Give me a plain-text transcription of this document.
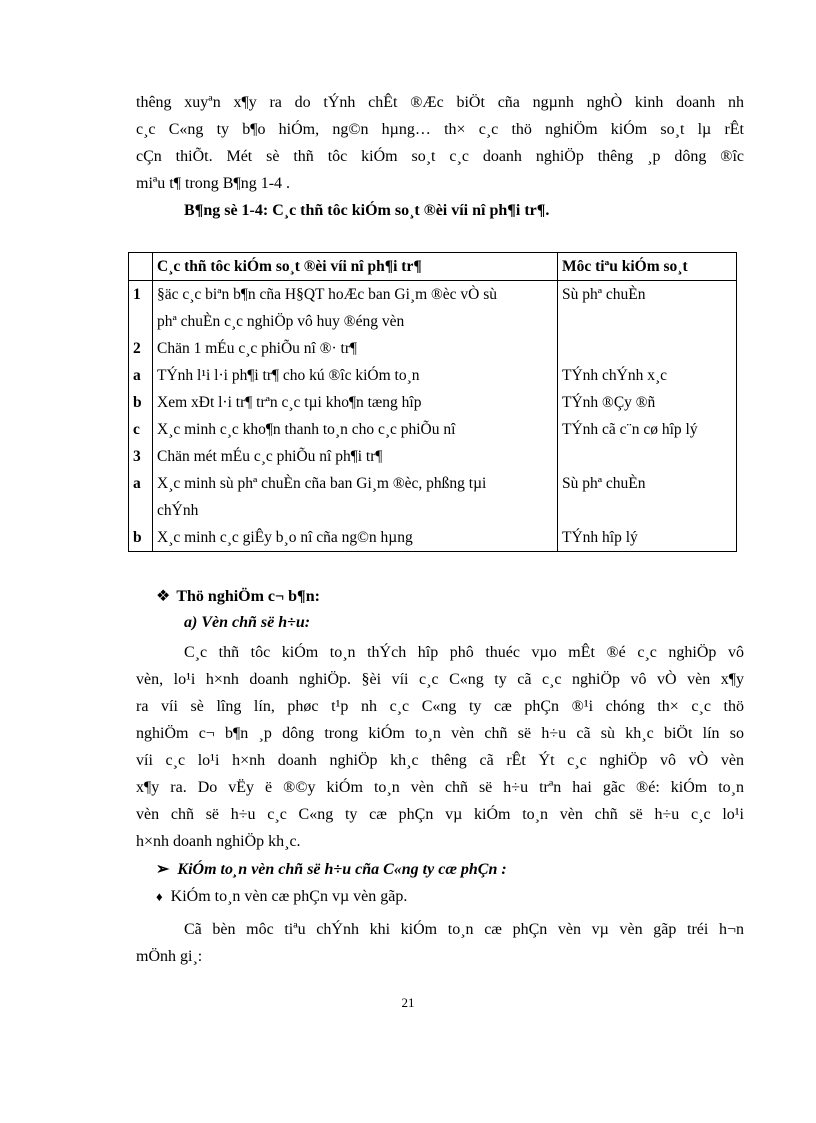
thêng xuyªn x¶y ra do tÝnh chÊt ®Æc biÖt cña ngµnh nghÒ kinh doanh nh
c¸c C«ng ty b¶o hiÓm, ng©n hµng… th× c¸c thö nghiÖm kiÓm so¸t lµ rÊt
cÇn thiÕt. Mét sè thñ tôc kiÓm so¸t c¸c doanh nghiÖp thêng ¸p dông ®îc
miªu t¶ trong B¶ng 1-4 .
B¶ng sè 1-4: C¸c thñ tôc kiÓm so¸t ®èi víi nî ph¶i tr¶.
	C¸c thñ tôc kiÓm so¸t ®èi víi nî ph¶i tr¶	Môc tiªu kiÓm so¸t
1	§äc c¸c biªn b¶n cña H§QT hoÆc ban Gi¸m ®èc vÒ sù	Sù phª chuÈn
	phª chuÈn c¸c nghiÖp vô huy ®éng vèn	
2	Chän 1 mÉu c¸c phiÕu nî ®· tr¶	
a	TÝnh l¹i l·i ph¶i tr¶ cho kú ®îc kiÓm to¸n	TÝnh chÝnh x¸c
b	Xem xÐt l·i tr¶ trªn c¸c tµi kho¶n tæng hîp	TÝnh ®Çy ®ñ
c	X¸c minh c¸c kho¶n thanh to¸n cho c¸c phiÕu nî	TÝnh cã c¨n cø hîp lý
3	Chän mét mÉu c¸c phiÕu nî ph¶i tr¶	
a	X¸c minh sù phª chuÈn cña ban Gi¸m ®èc, phßng tµi	Sù phª chuÈn
	chÝnh	
b	X¸c minh c¸c giÊy b¸o nî cña ng©n hµng	TÝnh hîp lý
❖ Thö nghiÖm c¬ b¶n:
a) Vèn chñ së h÷u:
C¸c thñ tôc kiÓm to¸n thÝch hîp phô thuéc vµo mÊt ®é c¸c nghiÖp vô
vèn, lo¹i h×nh doanh nghiÖp. §èi víi c¸c C«ng ty cã c¸c nghiÖp vô vÒ vèn x¶y
ra víi sè lîng lín, phøc t¹p nh c¸c C«ng ty cæ phÇn ®¹i chóng th× c¸c thö
nghiÖm c¬ b¶n ¸p dông trong kiÓm to¸n vèn chñ së h÷u cã sù kh¸c biÖt lín so
víi c¸c lo¹i h×nh doanh nghiÖp kh¸c thêng cã rÊt Ýt c¸c nghiÖp vô vÒ vèn
x¶y ra. Do vËy ë ®©y kiÓm to¸n vèn chñ së h÷u trªn hai gãc ®é: kiÓm to¸n
vèn chñ së h÷u c¸c C«ng ty cæ phÇn vµ kiÓm to¸n vèn chñ së h÷u c¸c lo¹i
h×nh doanh nghiÖp kh¸c.
➢ KiÓm to¸n vèn chñ së h÷u cña C«ng ty cæ phÇn :
♦ KiÓm to¸n vèn cæ phÇn vµ vèn gãp.
Cã bèn môc tiªu chÝnh khi kiÓm to¸n cæ phÇn vèn vµ vèn gãp tréi h¬n
mÖnh gi¸:
21
